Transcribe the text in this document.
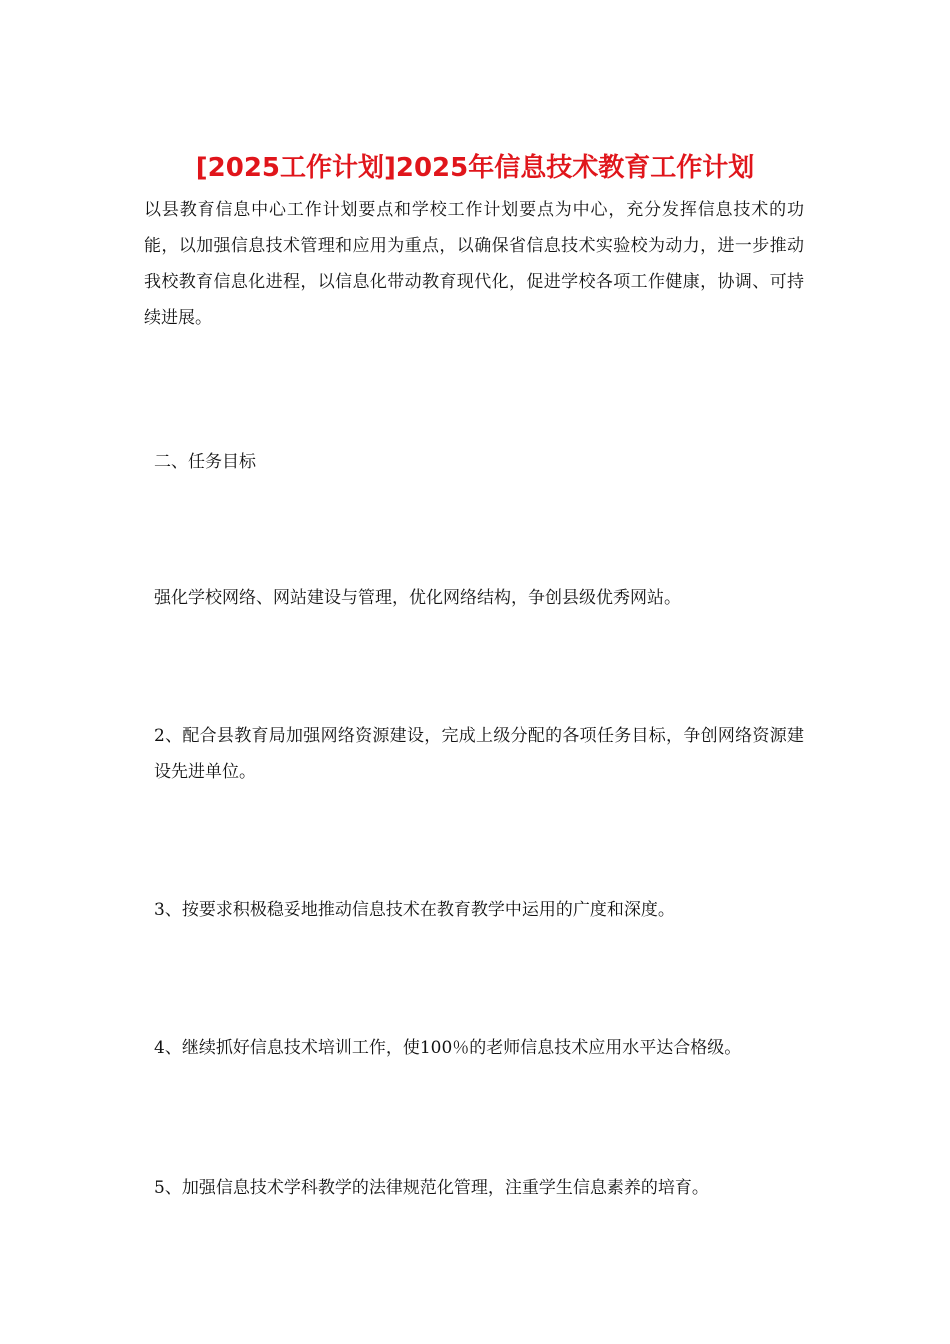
[2025工作计划]2025年信息技术教育工作计划

以县教育信息中心工作计划要点和学校工作计划要点为中心，充分发挥信息技术的功能，以加强信息技术管理和应用为重点，以确保省信息技术实验校为动力，进一步推动我校教育信息化进程，以信息化带动教育现代化，促进学校各项工作健康，协调、可持续进展。

二、任务目标

强化学校网络、网站建设与管理，优化网络结构，争创县级优秀网站。

2、配合县教育局加强网络资源建设，完成上级分配的各项任务目标，争创网络资源建设先进单位。

3、按要求积极稳妥地推动信息技术在教育教学中运用的广度和深度。

4、继续抓好信息技术培训工作，使100％的老师信息技术应用水平达合格级。

5、加强信息技术学科教学的法律规范化管理，注重学生信息素养的培育。
